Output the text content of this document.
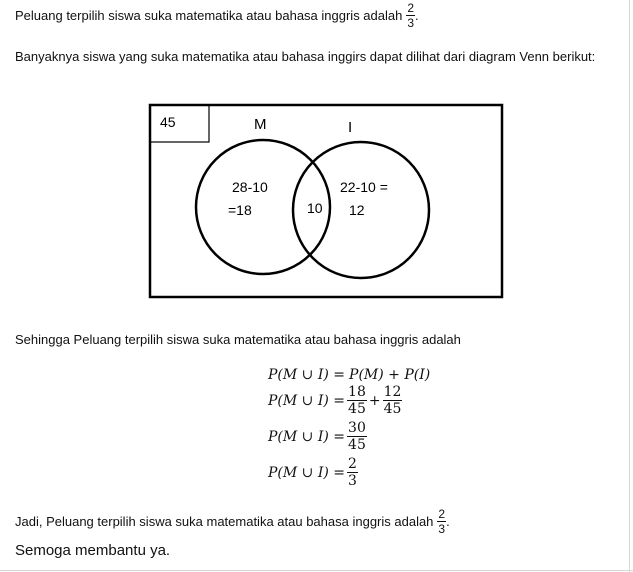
Peluang terpilih siswa suka matematika atau bahasa inggris adalah $\frac{2}{3}$ .
Banyaknya siswa yang suka matematika atau bahasa inggirs dapat dilihat dari diagram Venn berikut:
45	M	I
28-10
=18	10
22-10 =
12
Sehingga Peluang terpilih siswa suka matematika atau bahasa inggris adalah
P(M ∪ I) = P(M) + P(I)
P(M ∪ $I) = \frac{18}{45} + \frac{12}{45}$
P(M ∪ $I) = \frac{30}{45}$
P(M ∪ $I) = \frac{2}{3}$
Jadi, Peluang terpilih siswa suka matematika atau bahasa inggris adalah $\frac{2}{3}$ .
Semoga membantu ya.
